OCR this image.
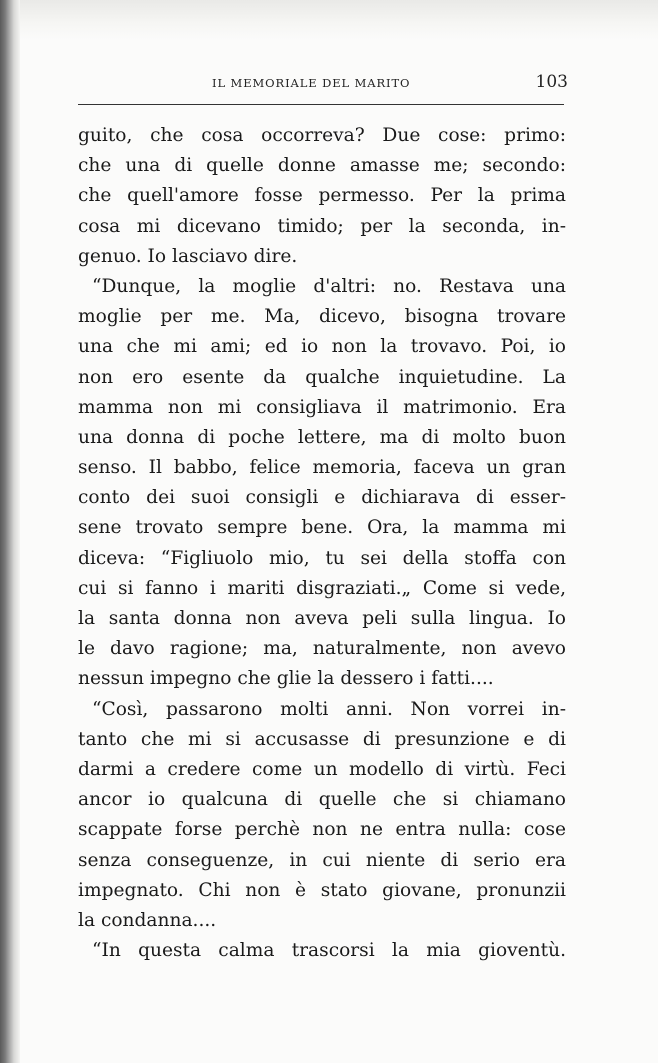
IL MEMORIALE DEL MARITO	103
guito, che cosa occorreva? Due cose: primo:
che una di quelle donne amasse me; secondo:
che quell'amore fosse permesso. Per la prima
cosa mi dicevano timido; per la seconda, in-
genuo. Io lasciavo dire.
“Dunque, la moglie d'altri: no. Restava una
moglie per me. Ma, dicevo, bisogna trovare
una che mi ami; ed io non la trovavo. Poi, io
non ero esente da qualche inquietudine. La
mamma non mi consigliava il matrimonio. Era
una donna di poche lettere, ma di molto buon
senso. Il babbo, felice memoria, faceva un gran
conto dei suoi consigli e dichiarava di esser-
sene trovato sempre bene. Ora, la mamma mi
diceva: “Figliuolo mio, tu sei della stoffa con
cui si fanno i mariti disgraziati.„ Come si vede,
la santa donna non aveva peli sulla lingua. Io
le davo ragione; ma, naturalmente, non avevo
nessun impegno che glie la dessero i fatti....
“Così, passarono molti anni. Non vorrei in-
tanto che mi si accusasse di presunzione e di
darmi a credere come un modello di virtù. Feci
ancor io qualcuna di quelle che si chiamano
scappate forse perchè non ne entra nulla: cose
senza conseguenze, in cui niente di serio era
impegnato. Chi non è stato giovane, pronunzii
la condanna....
“In questa calma trascorsi la mia gioventù.
